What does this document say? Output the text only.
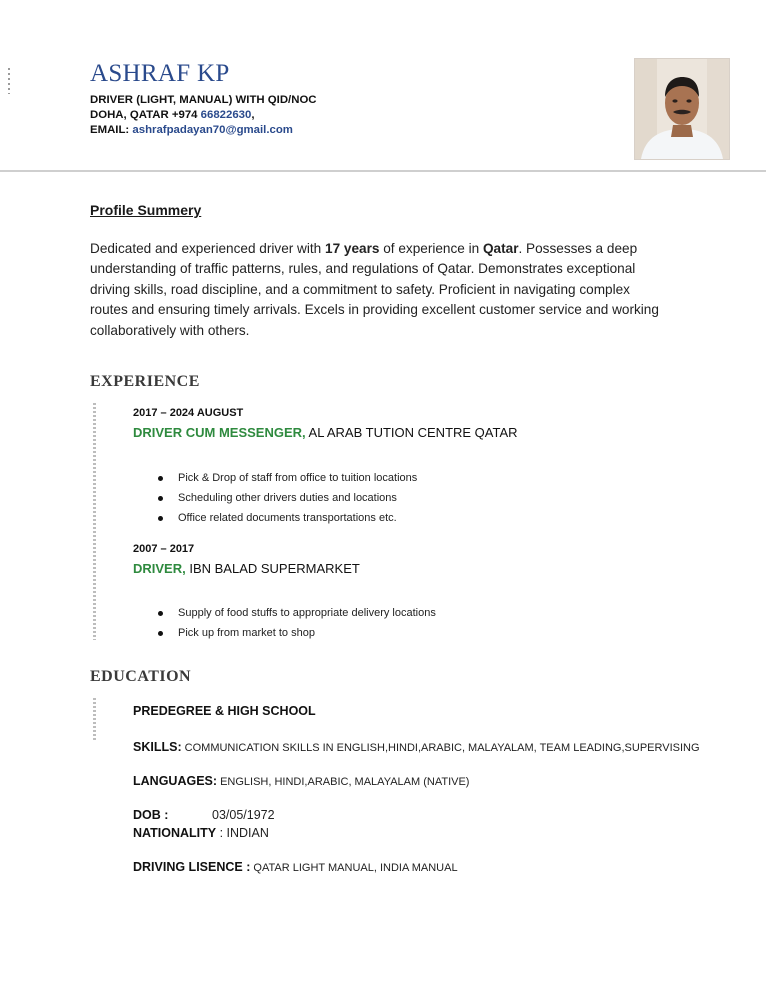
ASHRAF KP
DRIVER (LIGHT, MANUAL) WITH QID/NOC
DOHA, QATAR +974 66822630,
EMAIL: ashrafpadayan70@gmail.com
Profile Summery

Dedicated and experienced driver with 17 years of experience in Qatar. Possesses a deep understanding of traffic patterns, rules, and regulations of Qatar. Demonstrates exceptional driving skills, road discipline, and a commitment to safety. Proficient in navigating complex routes and ensuring timely arrivals. Excels in providing excellent customer service and working collaboratively with others.

EXPERIENCE
2017 – 2024 AUGUST
DRIVER CUM MESSENGER, AL ARAB TUTION CENTRE QATAR
Pick & Drop of staff from office to tuition locations
Scheduling other drivers duties and locations
Office related documents transportations etc.
2007 – 2017
DRIVER, IBN BALAD SUPERMARKET
Supply of food stuffs to appropriate delivery locations
Pick up from market to shop
EDUCATION
PREDEGREE & HIGH SCHOOL
SKILLS: COMMUNICATION SKILLS IN ENGLISH,HINDI,ARABIC, MALAYALAM, TEAM LEADING,SUPERVISING
LANGUAGES: ENGLISH, HINDI,ARABIC, MALAYALAM (NATIVE)
DOB :	03/05/1972
NATIONALITY : INDIAN
DRIVING LISENCE : QATAR LIGHT MANUAL, INDIA MANUAL
